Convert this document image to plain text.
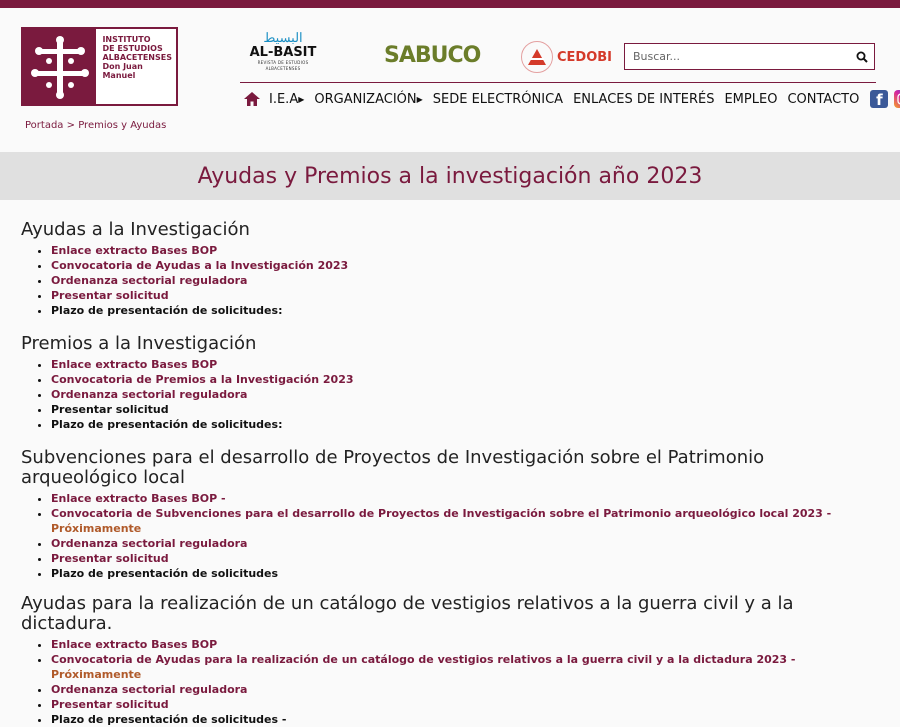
INSTITUTO
DE ESTUDIOS
ALBACETENSES
Don Juan Manuel
البسيط
AL-BASIT
REVISTA DE ESTUDIOS ALBACETENSES
SABUCO	CEDOBI
Buscar...
I.E.A▶ ORGANIZACIÓN▶ SEDE ELECTRÓNICA ENLACES DE INTERÉS EMPLEO CONTACTO	f
Portada > Premios y Ayudas
Ayudas y Premios a la investigación año 2023
Ayudas a la Investigación
• Enlace extracto Bases BOP
• Convocatoria de Ayudas a la Investigación 2023
• Ordenanza sectorial reguladora
• Presentar solicitud
• Plazo de presentación de solicitudes:
Premios a la Investigación
• Enlace extracto Bases BOP
• Convocatoria de Premios a la Investigación 2023
• Ordenanza sectorial reguladora
• Presentar solicitud
• Plazo de presentación de solicitudes:
Subvenciones para el desarrollo de Proyectos de Investigación sobre el Patrimonio arqueológico local
• Enlace extracto Bases BOP -
• Convocatoria de Subvenciones para el desarrollo de Proyectos de Investigación sobre el Patrimonio arqueológico local 2023 - Próximamente
• Ordenanza sectorial reguladora
• Presentar solicitud
• Plazo de presentación de solicitudes
Ayudas para la realización de un catálogo de vestigios relativos a la guerra civil y a la dictadura.
• Enlace extracto Bases BOP
• Convocatoria de Ayudas para la realización de un catálogo de vestigios relativos a la guerra civil y a la dictadura 2023 - Próximamente
• Ordenanza sectorial reguladora
• Presentar solicitud
• Plazo de presentación de solicitudes -
